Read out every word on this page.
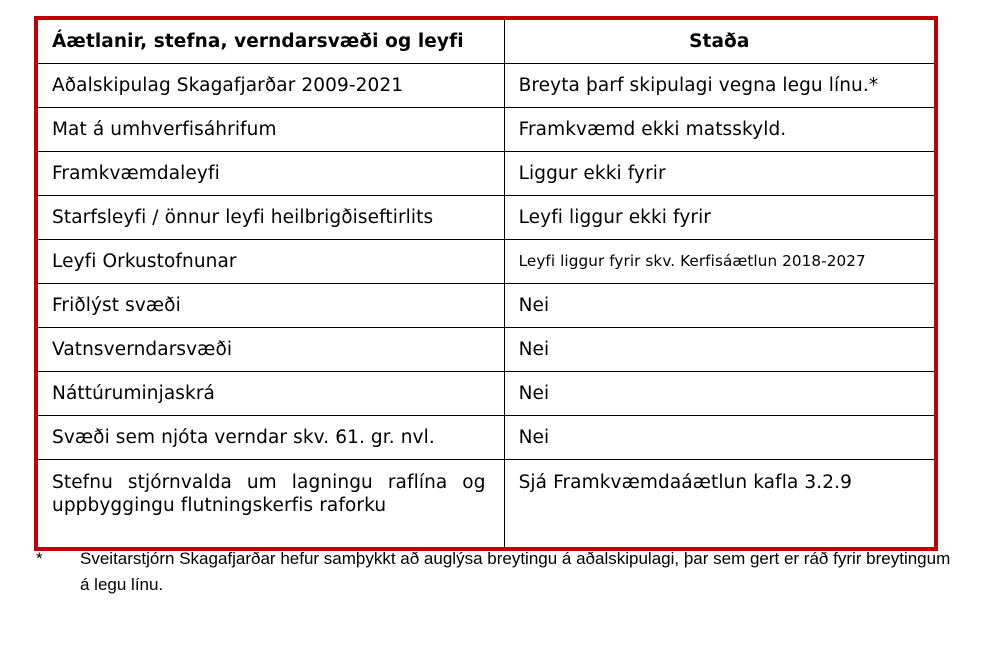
Áætlanir, stefna, verndarsvæði og leyfi	Staða
Aðalskipulag Skagafjarðar 2009-2021	Breyta þarf skipulagi vegna legu línu.*
Mat á umhverfisáhrifum	Framkvæmd ekki matsskyld.
Framkvæmdaleyfi	Liggur ekki fyrir
Starfsleyfi / önnur leyfi heilbrigðiseftirlits	Leyfi liggur ekki fyrir
Leyfi Orkustofnunar	Leyfi liggur fyrir skv. Kerfisáætlun 2018-2027
Friðlýst svæði	Nei
Vatnsverndarsvæði	Nei
Náttúruminjaskrá	Nei
Svæði sem njóta verndar skv. 61. gr. nvl.	Nei
Stefnu stjórnvalda um lagningu raflína og uppbyggingu flutningskerfis raforku	Sjá Framkvæmdaáætlun kafla 3.2.9
*	Sveitarstjórn Skagafjarðar hefur samþykkt að auglýsa breytingu á aðalskipulagi, þar sem gert er ráð fyrir breytingum á legu línu.
